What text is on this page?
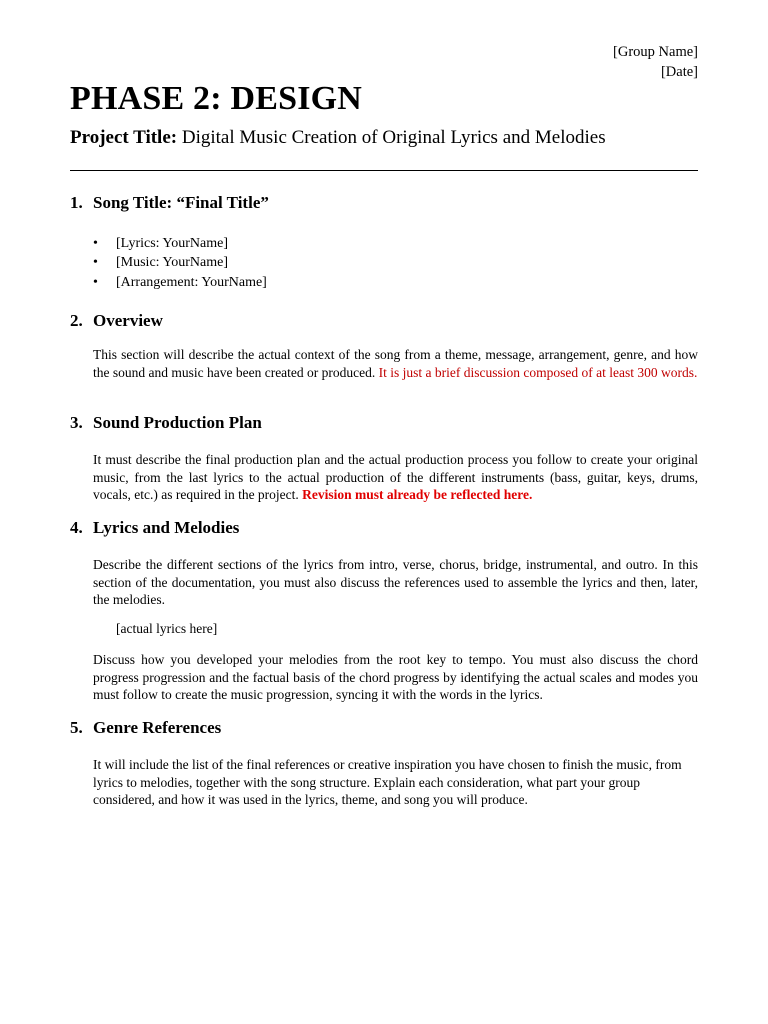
[Group Name]
[Date]
PHASE 2: DESIGN
Project Title: Digital Music Creation of Original Lyrics and Melodies
1. Song Title: “Final Title”
• [Lyrics: YourName]
• [Music: YourName]
• [Arrangement: YourName]
2. Overview

This section will describe the actual context of the song from a theme, message, arrangement, genre, and how the sound and music have been created or produced. It is just a brief discussion composed of at least 300 words.

3. Sound Production Plan

It must describe the final production plan and the actual production process you follow to create your original music, from the last lyrics to the actual production of the different instruments (bass, guitar, keys, drums, vocals, etc.) as required in the project. Revision must already be reflected here.

4. Lyrics and Melodies

Describe the different sections of the lyrics from intro, verse, chorus, bridge, instrumental, and outro. In this section of the documentation, you must also discuss the references used to assemble the lyrics and then, later, the melodies.

[actual lyrics here]

Discuss how you developed your melodies from the root key to tempo. You must also discuss the chord progress progression and the factual basis of the chord progress by identifying the actual scales and modes you must follow to create the music progression, syncing it with the words in the lyrics.

5. Genre References

It will include the list of the final references or creative inspiration you have chosen to finish the music, from lyrics to melodies, together with the song structure. Explain each consideration, what part your group considered, and how it was used in the lyrics, theme, and song you will produce.
